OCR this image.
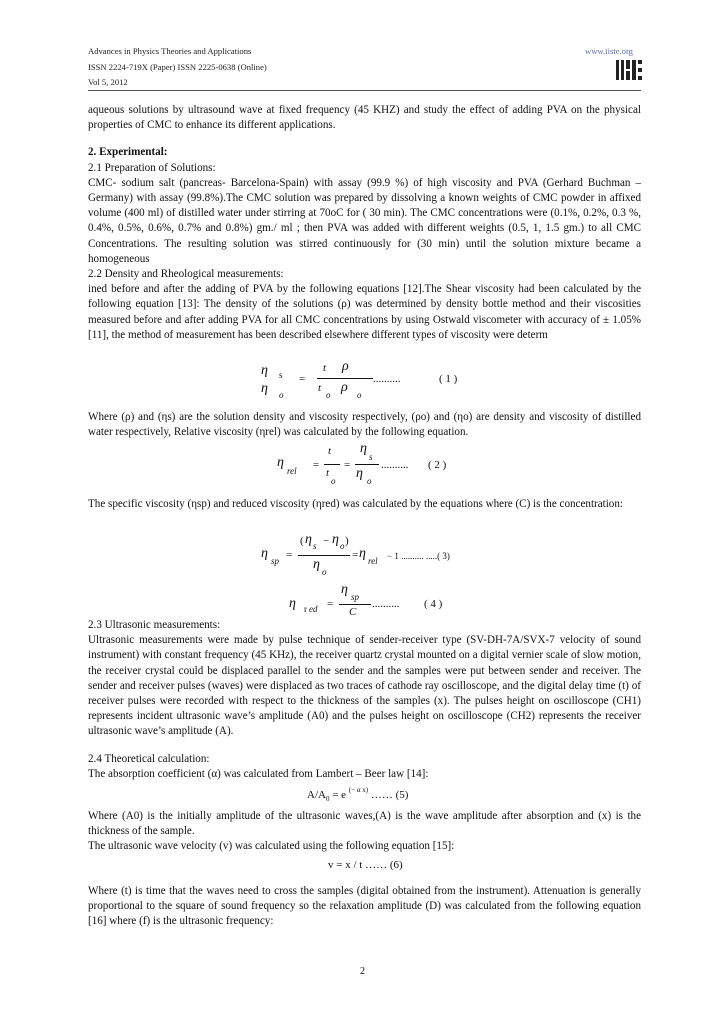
Advances in Physics Theories and Applications	www.iiste.org
ISSN 2224-719X (Paper) ISSN 2225-0638 (Online)
Vol 5, 2012

aqueous solutions by ultrasound wave at fixed frequency (45 KHZ) and study the effect of adding PVA on the physical properties of CMC to enhance its different applications.

2. Experimental:

2.1 Preparation of Solutions:

CMC- sodium salt (pancreas- Barcelona-Spain) with assay (99.9 %) of high viscosity and PVA (Gerhard Buchman –Germany) with assay (99.8%).The CMC solution was prepared by dissolving a known weights of CMC powder in affixed volume (400 ml) of distilled water under stirring at 70oC for ( 30 min). The CMC concentrations were (0.1%, 0.2%, 0.3 %, 0.4%, 0.5%, 0.6%, 0.7% and 0.8%) gm./ ml ; then PVA was added with different weights (0.5, 1, 1.5 gm.) to all CMC Concentrations. The resulting solution was stirred continuously for (30 min) until the solution mixture became a homogeneous

2.2 Density and Rheological measurements:

ined before and after the adding of PVA by the following equations [12].The Shear viscosity had been calculated by the following equation [13]: The density of the solutions (ρ) was determined by density bottle method and their viscosities measured before and after adding PVA for all CMC concentrations by using Ostwald viscometer with accuracy of ± 1.05% [11], the method of measurement has been described elsewhere different types of viscosity were determ

η s
η o
=
t ρ
t
o ρ o
..........	( 1 )

Where (ρ) and (ηs) are the solution density and viscosity respectively, (ρo) and (ηo) are density and viscosity of distilled water respectively, Relative viscosity (ηrel) was calculated by the following equation.

η
rel =
t
t
o
=
η
s
η o
.......... ( 2 )

The specific viscosity (ηsp) and reduced viscosity (ηred) was calculated by the equations where (C) is the concentration:

η sp =
( η s − η o )
η o
= η rel − 1 .......... .....( 3)
η r ed =
η sp
C
.......... ( 4 )

2.3 Ultrasonic measurements:

Ultrasonic measurements were made by pulse technique of sender-receiver type (SV-DH-7A/SVX-7 velocity of sound instrument) with constant frequency (45 KHz), the receiver quartz crystal mounted on a digital vernier scale of slow motion, the receiver crystal could be displaced parallel to the sender and the samples were put between sender and receiver. The sender and receiver pulses (waves) were displaced as two traces of cathode ray oscilloscope, and the digital delay time (t) of receiver pulses were recorded with respect to the thickness of the samples (x). The pulses height on oscilloscope (CH1) represents incident ultrasonic wave’s amplitude (A0) and the pulses height on oscilloscope (CH2) represents the receiver ultrasonic wave’s amplitude (A).

2.4 Theoretical calculation:

The absorption coefficient (α) was calculated from Lambert – Beer law [14]:

$A/A_0 = e$ $^{(- \alpha x)}$ …… (5)

Where (A0) is the initially amplitude of the ultrasonic waves,(A) is the wave amplitude after absorption and (x) is the thickness of the sample.

The ultrasonic wave velocity (v) was calculated using the following equation [15]:

v = x / t …… (6)

Where (t) is time that the waves need to cross the samples (digital obtained from the instrument). Attenuation is generally proportional to the square of sound frequency so the relaxation amplitude (D) was calculated from the following equation [16] where (f) is the ultrasonic frequency:

2
